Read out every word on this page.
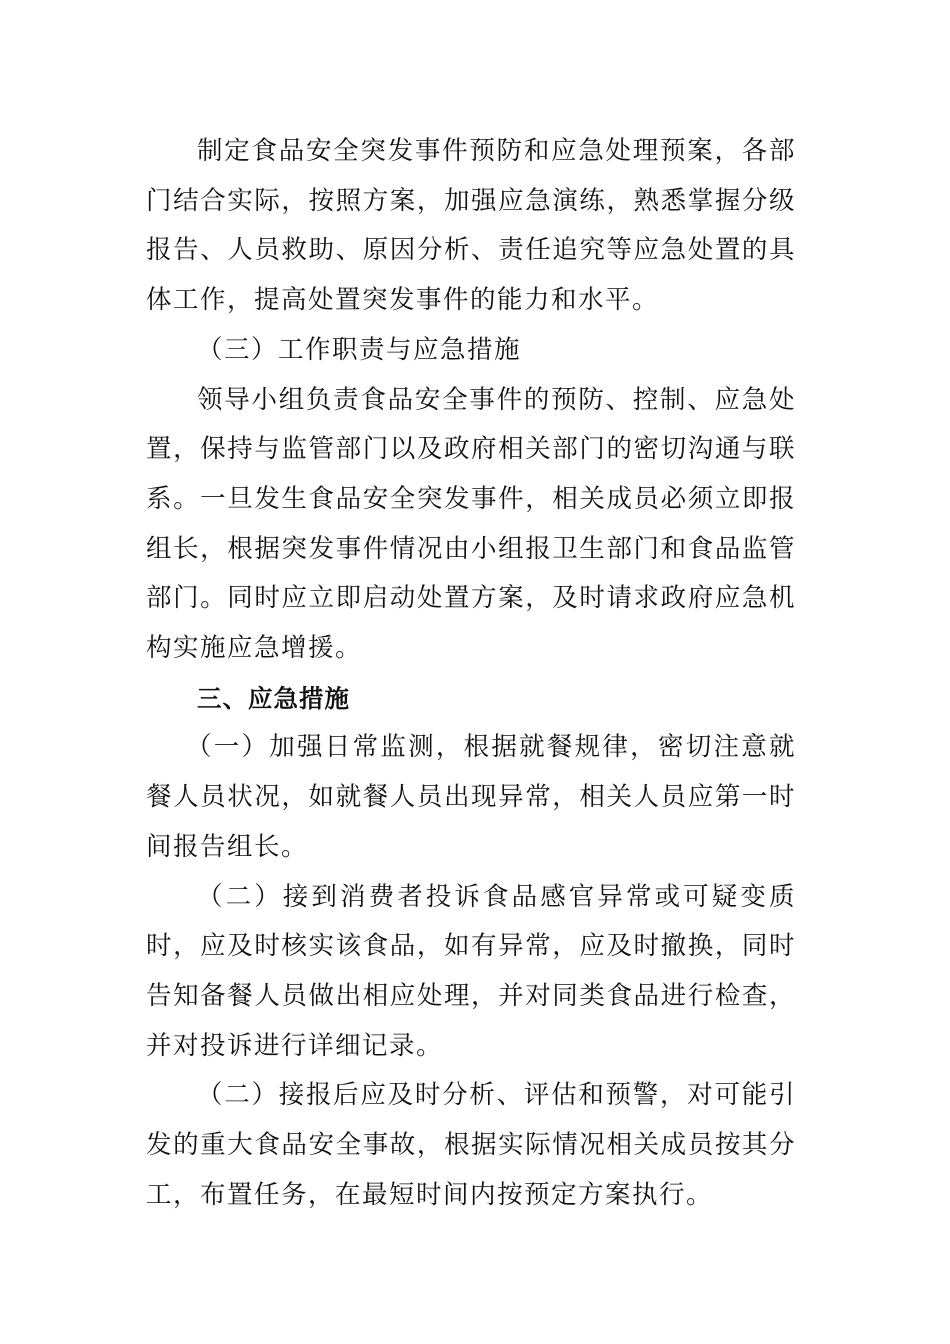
制定食品安全突发事件预防和应急处理预案，各部门结合实际，按照方案，加强应急演练，熟悉掌握分级报告、人员救助、原因分析、责任追究等应急处置的具体工作，提高处置突发事件的能力和水平。

（三）工作职责与应急措施

领导小组负责食品安全事件的预防、控制、应急处置，保持与监管部门以及政府相关部门的密切沟通与联系。一旦发生食品安全突发事件，相关成员必须立即报组长，根据突发事件情况由小组报卫生部门和食品监管部门。同时应立即启动处置方案，及时请求政府应急机构实施应急增援。

三、应急措施

（一）加强日常监测，根据就餐规律，密切注意就餐人员状况，如就餐人员出现异常，相关人员应第一时间报告组长。

（二）接到消费者投诉食品感官异常或可疑变质时，应及时核实该食品，如有异常，应及时撤换，同时告知备餐人员做出相应处理，并对同类食品进行检查，并对投诉进行详细记录。

（二）接报后应及时分析、评估和预警，对可能引发的重大食品安全事故，根据实际情况相关成员按其分工，布置任务，在最短时间内按预定方案执行。
